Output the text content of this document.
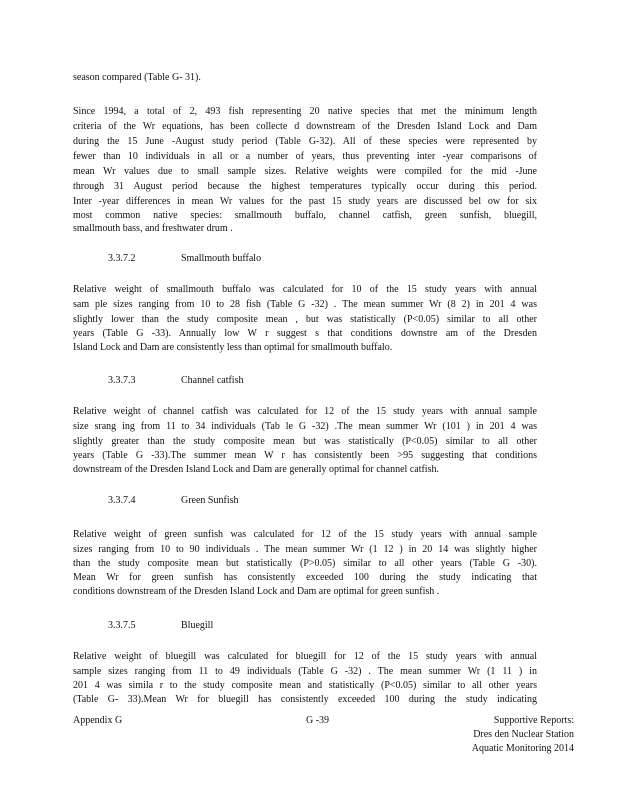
season compared (Table G- 31).
Since 1994, a total of 2, 493 fish representing 20 native species that met the minimum length
criteria of the Wr equations, has been collecte d downstream of the Dresden Island Lock and Dam
during the 15 June -August study period (Table G-32). All of these species were represented by
fewer than 10 individuals in all or a number of years, thus preventing inter -year comparisons of
mean Wr values due to small sample sizes. Relative weights were compiled for the mid -June
through 31 August period because the highest temperatures typically occur during this period.
Inter -year differences in mean Wr values for the past 15 study years are discussed bel ow for six
most common native species: smallmouth buffalo, channel catfish, green sunfish, bluegill,
smallmouth bass, and freshwater drum .
3.3.7.2	Smallmouth buffalo
Relative weight of smallmouth buffalo was calculated for 10 of the 15 study years with annual
sam ple sizes ranging from 10 to 28 fish (Table G -32) . The mean summer Wr (8 2) in 201 4 was
slightly lower than the study composite mean , but was statistically (P<0.05) similar to all other
years (Table G -33). Annually low W r suggest s that conditions downstre am of the Dresden
Island Lock and Dam are consistently less than optimal for smallmouth buffalo.
3.3.7.3	Channel catfish
Relative weight of channel catfish was calculated for 12 of the 15 study years with annual sample
size srang ing from 11 to 34 individuals (Tab le G -32) .The mean summer Wr (101 ) in 201 4 was
slightly greater than the study composite mean but was statistically (P<0.05) similar to all other
years (Table G -33).The summer mean W r has consistently been >95 suggesting that conditions
downstream of the Dresden Island Lock and Dam are generally optimal for channel catfish.
3.3.7.4	Green Sunfish
Relative weight of green sunfish was calculated for 12 of the 15 study years with annual sample
sizes ranging from 10 to 90 individuals . The mean summer Wr (1 12 ) in 20 14 was slightly higher
than the study composite mean but statistically (P>0.05) similar to all other years (Table G -30).
Mean Wr for green sunfish has consistently exceeded 100 during the study indicating that
conditions downstream of the Dresden Island Lock and Dam are optimal for green sunfish .
3.3.7.5	Bluegill
Relative weight of bluegill was calculated for bluegill for 12 of the 15 study years with annual
sample sizes ranging from 11 to 49 individuals (Table G -32) . The mean summer Wr (1 11 ) in
201 4 was simila r to the study composite mean and statistically (P<0.05) similar to all other years
(Table G- 33).Mean Wr for bluegill has consistently exceeded 100 during the study indicating
Appendix G	G -39	Supportive Reports:
Dres den Nuclear Station
Aquatic Monitoring 2014
